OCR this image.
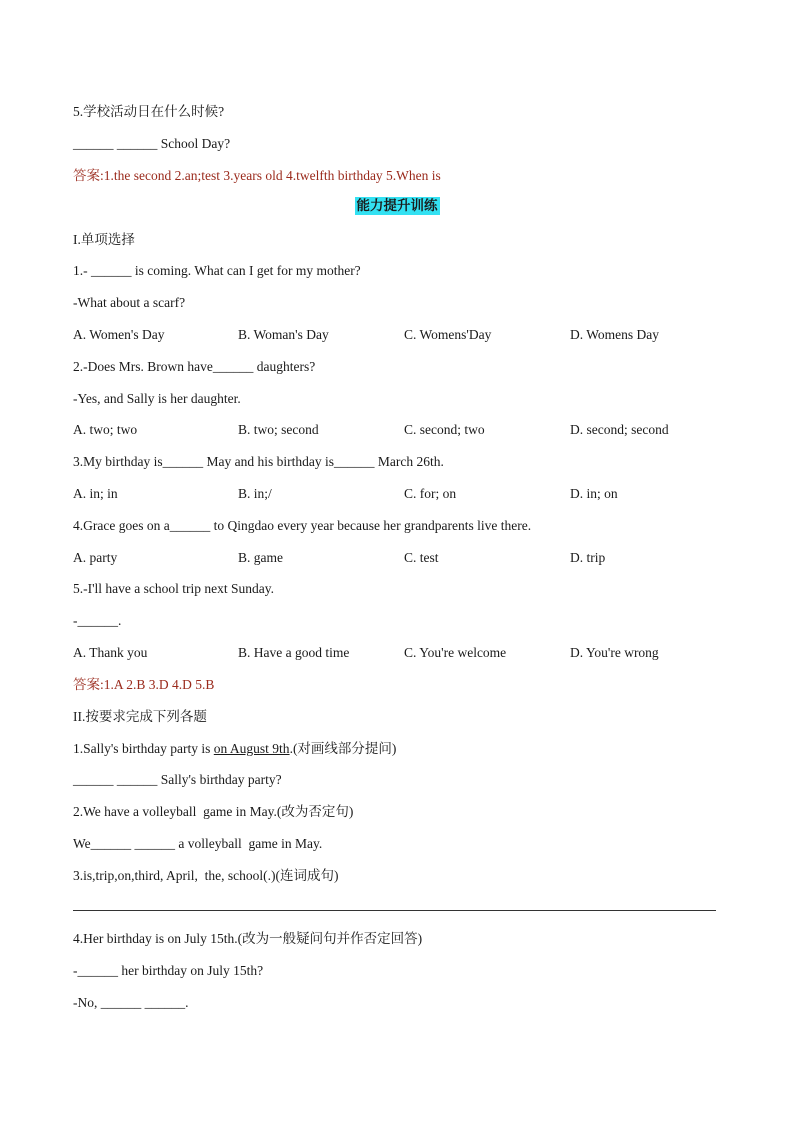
5.学校活动日在什么时候?
______ ______ School Day?
答案:1.the second 2.an;test 3.years old 4.twelfth birthday 5.When is
能力提升训练
I.单项选择
1.- ______ is coming. What can I get for my mother?
-What about a scarf?
A. Women's Day	B. Woman's Day	C. Womens'Day	D. Womens Day
2.-Does Mrs. Brown have______ daughters?
-Yes, and Sally is her daughter.
A. two; two	B. two; second	C. second; two	D. second; second
3.My birthday is______ May and his birthday is______ March 26th.
A. in; in	B. in;/	C. for; on	D. in; on
4.Grace goes on a______ to Qingdao every year because her grandparents live there.
A. party	B. game	C. test	D. trip
5.-I'll have a school trip next Sunday.
-______.
A. Thank you	B. Have a good time	C. You're welcome	D. You're wrong
答案:1.A 2.B 3.D 4.D 5.B
II.按要求完成下列各题
1.Sally's birthday party is on August 9th.(对画线部分提问)
______ ______ Sally's birthday party?
2.We have a volleyball  game in May.(改为否定句)
We______ ______ a volleyball  game in May.
3.is,trip,on,third, April,  the, school(.)(连词成句)
4.Her birthday is on July 15th.(改为一般疑问句并作否定回答)
-______ her birthday on July 15th?
-No, ______ ______.
